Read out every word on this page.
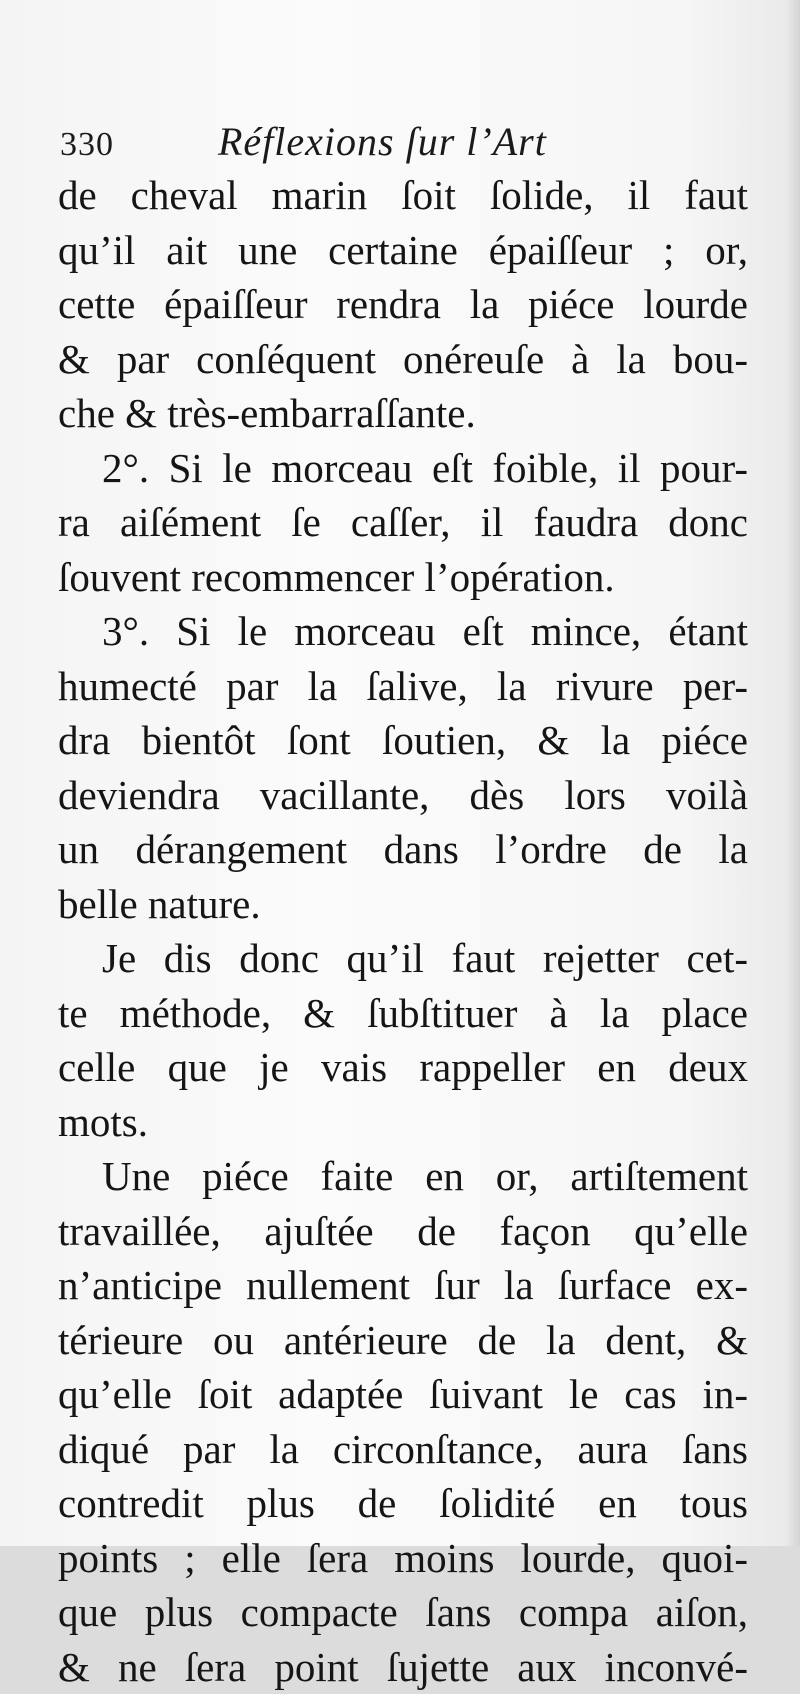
330	Réflexions ſur l’Art
de cheval marin ſoit ſolide, il faut
qu’il ait une certaine épaiſſeur ; or,
cette épaiſſeur rendra la piéce lourde
& par conſéquent onéreuſe à la bou-
che & très-embarraſſante.
2°. Si le morceau eſt foible, il pour-
ra aiſément ſe caſſer, il faudra donc
ſouvent recommencer l’opération.
3°. Si le morceau eſt mince, étant
humecté par la ſalive, la rivure per-
dra bientôt ſont ſoutien, & la piéce
deviendra vacillante, dès lors voilà
un dérangement dans l’ordre de la
belle nature.
Je dis donc qu’il faut rejetter cet-
te méthode, & ſubſtituer à la place
celle que je vais rappeller en deux
mots.
Une piéce faite en or, artiſtement
travaillée, ajuſtée de façon qu’elle
n’anticipe nullement ſur la ſurface ex-
térieure ou antérieure de la dent, &
qu’elle ſoit adaptée ſuivant le cas in-
diqué par la circonſtance, aura ſans
contredit plus de ſolidité en tous
points ; elle ſera moins lourde, quoi-
que plus compacte ſans compa aiſon,
& ne ſera point ſujette aux inconvé-
